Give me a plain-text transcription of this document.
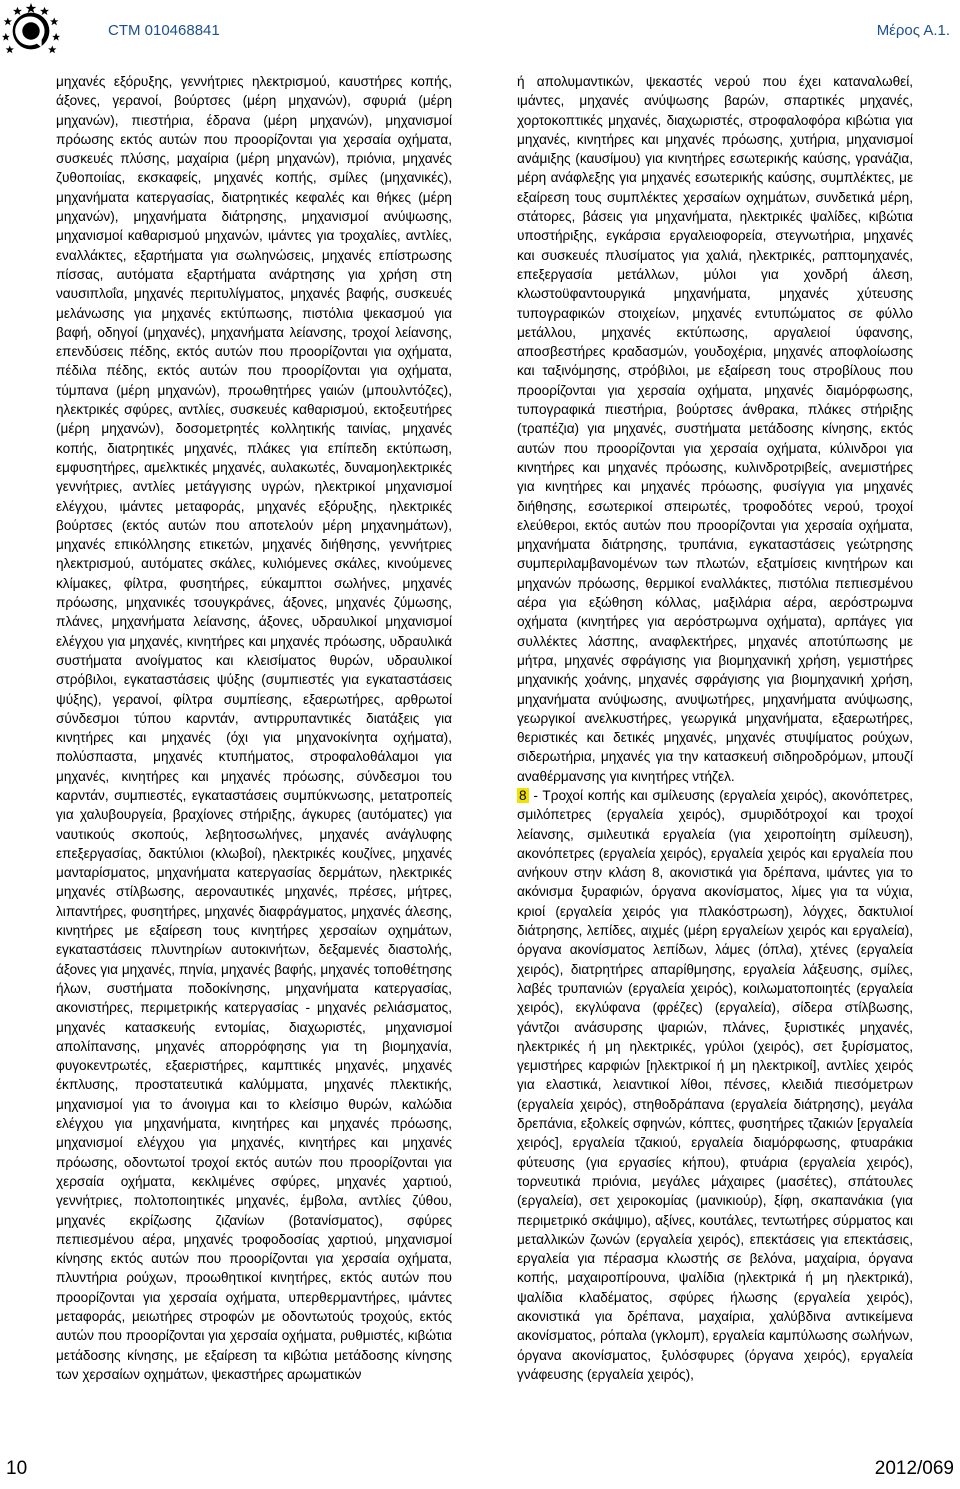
CTM 010468841	Μέρος Α.1.

μηχανές εξόρυξης, γεννήτριες ηλεκτρισμού, καυστήρες κοπής, άξονες, γερανοί, βούρτσες (μέρη μηχανών), σφυριά (μέρη μηχανών), πιεστήρια, έδρανα (μέρη μηχανών), μηχανισμοί πρόωσης εκτός αυτών που προορίζονται για χερσαία οχήματα, συσκευές πλύσης, μαχαίρια (μέρη μηχανών), πριόνια, μηχανές ζυθοποιίας, εκσκαφείς, μηχανές κοπής, σμίλες (μηχανικές), μηχανήματα κατεργασίας, διατρητικές κεφαλές και θήκες (μέρη μηχανών), μηχανήματα διάτρησης, μηχανισμοί ανύψωσης, μηχανισμοί καθαρισμού μηχανών, ιμάντες για τροχαλίες, αντλίες, εναλλάκτες, εξαρτήματα για σωληνώσεις, μηχανές επίστρωσης πίσσας, αυτόματα εξαρτήματα ανάρτησης για χρήση στη ναυσιπλοΐα, μηχανές περιτυλίγματος, μηχανές βαφής, συσκευές μελάνωσης για μηχανές εκτύπωσης, πιστόλια ψεκασμού για βαφή, οδηγοί (μηχανές), μηχανήματα λείανσης, τροχοί λείανσης, επενδύσεις πέδης, εκτός αυτών που προορίζονται για οχήματα, πέδιλα πέδης, εκτός αυτών που προορίζονται για οχήματα, τύμπανα (μέρη μηχανών), προωθητήρες γαιών (μπουλντόζες), ηλεκτρικές σφύρες, αντλίες, συσκευές καθαρισμού, εκτοξευτήρες (μέρη μηχανών), δοσομετρητές κολλητικής ταινίας, μηχανές κοπής, διατρητικές μηχανές, πλάκες για επίπεδη εκτύπωση, εμφυσητήρες, αμελκτικές μηχανές, αυλακωτές, δυναμοηλεκτρικές γεννήτριες, αντλίες μετάγγισης υγρών, ηλεκτρικοί μηχανισμοί ελέγχου, ιμάντες μεταφοράς, μηχανές εξόρυξης, ηλεκτρικές βούρτσες (εκτός αυτών που αποτελούν μέρη μηχανημάτων), μηχανές επικόλλησης ετικετών, μηχανές διήθησης, γεννήτριες ηλεκτρισμού, αυτόματες σκάλες, κυλιόμενες σκάλες, κινούμενες κλίμακες, φίλτρα, φυσητήρες, εύκαμπτοι σωλήνες, μηχανές πρόωσης, μηχανικές τσουγκράνες, άξονες, μηχανές ζύμωσης, πλάνες, μηχανήματα λείανσης, άξονες, υδραυλικοί μηχανισμοί ελέγχου για μηχανές, κινητήρες και μηχανές πρόωσης, υδραυλικά συστήματα ανοίγματος και κλεισίματος θυρών, υδραυλικοί στρόβιλοι, εγκαταστάσεις ψύξης (συμπιεστές για εγκαταστάσεις ψύξης), γερανοί, φίλτρα συμπίεσης, εξαερωτήρες, αρθρωτοί σύνδεσμοι τύπου καρντάν, αντιρρυπαντικές διατάξεις για κινητήρες και μηχανές (όχι για μηχανοκίνητα οχήματα), πολύσπαστα, μηχανές κτυπήματος, στροφαλοθάλαμοι για μηχανές, κινητήρες και μηχανές πρόωσης, σύνδεσμοι του καρντάν, συμπιεστές, εγκαταστάσεις συμπύκνωσης, μετατροπείς για χαλυβουργεία, βραχίονες στήριξης, άγκυρες (αυτόματες) για ναυτικούς σκοπούς, λεβητοσωλήνες, μηχανές ανάγλυφης επεξεργασίας, δακτύλιοι (κλωβοί), ηλεκτρικές κουζίνες, μηχανές μανταρίσματος, μηχανήματα κατεργασίας δερμάτων, ηλεκτρικές μηχανές στίλβωσης, αεροναυτικές μηχανές, πρέσες, μήτρες, λιπαντήρες, φυσητήρες, μηχανές διαφράγματος, μηχανές άλεσης, κινητήρες με εξαίρεση τους κινητήρες χερσαίων οχημάτων, εγκαταστάσεις πλυντηρίων αυτοκινήτων, δεξαμενές διαστολής, άξονες για μηχανές, πηνία, μηχανές βαφής, μηχανές τοποθέτησης ήλων, συστήματα ποδοκίνησης, μηχανήματα κατεργασίας, ακονιστήρες, περιμετρικής κατεργασίας - μηχανές ρελιάσματος, μηχανές κατασκευής εντομίας, διαχωριστές, μηχανισμοί απολίπανσης, μηχανές απορρόφησης για τη βιομηχανία, φυγοκεντρωτές, εξαεριστήρες, καμπτικές μηχανές, μηχανές έκπλυσης, προστατευτικά καλύμματα, μηχανές πλεκτικής, μηχανισμοί για το άνοιγμα και το κλείσιμο θυρών, καλώδια ελέγχου για μηχανήματα, κινητήρες και μηχανές πρόωσης, μηχανισμοί ελέγχου για μηχανές, κινητήρες και μηχανές πρόωσης, οδοντωτοί τροχοί εκτός αυτών που προορίζονται για χερσαία οχήματα, κεκλιμένες σφύρες, μηχανές χαρτιού, γεννήτριες, πολτοποιητικές μηχανές, έμβολα, αντλίες ζύθου, μηχανές εκρίζωσης ζιζανίων (βοτανίσματος), σφύρες πεπιεσμένου αέρα, μηχανές τροφοδοσίας χαρτιού, μηχανισμοί κίνησης εκτός αυτών που προορίζονται για χερσαία οχήματα, πλυντήρια ρούχων, προωθητικοί κινητήρες, εκτός αυτών που προορίζονται για χερσαία οχήματα, υπερθερμαντήρες, ιμάντες μεταφοράς, μειωτήρες στροφών με οδοντωτούς τροχούς, εκτός αυτών που προορίζονται για χερσαία οχήματα, ρυθμιστές, κιβώτια μετάδοσης κίνησης, με εξαίρεση τα κιβώτια μετάδοσης κίνησης των χερσαίων οχημάτων, ψεκαστήρες αρωματικών

ή απολυμαντικών, ψεκαστές νερού που έχει καταναλωθεί, ιμάντες, μηχανές ανύψωσης βαρών, σπαρτικές μηχανές, χορτοκοπτικές μηχανές, διαχωριστές, στροφαλοφόρα κιβώτια για μηχανές, κινητήρες και μηχανές πρόωσης, χυτήρια, μηχανισμοί ανάμιξης (καυσίμου) για κινητήρες εσωτερικής καύσης, γρανάζια, μέρη ανάφλεξης για μηχανές εσωτερικής καύσης, συμπλέκτες, με εξαίρεση τους συμπλέκτες χερσαίων οχημάτων, συνδετικά μέρη, στάτορες, βάσεις για μηχανήματα, ηλεκτρικές ψαλίδες, κιβώτια υποστήριξης, εγκάρσια εργαλειοφορεία, στεγνωτήρια, μηχανές και συσκευές πλυσίματος για χαλιά, ηλεκτρικές, ραπτομηχανές, επεξεργασία μετάλλων, μύλοι για χονδρή άλεση, κλωστοϋφαντουργικά μηχανήματα, μηχανές χύτευσης τυπογραφικών στοιχείων, μηχανές εντυπώματος σε φύλλο μετάλλου, μηχανές εκτύπωσης, αργαλειοί ύφανσης, αποσβεστήρες κραδασμών, γουδοχέρια, μηχανές αποφλοίωσης και ταξινόμησης, στρόβιλοι, με εξαίρεση τους στροβίλους που προορίζονται για χερσαία οχήματα, μηχανές διαμόρφωσης, τυπογραφικά πιεστήρια, βούρτσες άνθρακα, πλάκες στήριξης (τραπέζια) για μηχανές, συστήματα μετάδοσης κίνησης, εκτός αυτών που προορίζονται για χερσαία οχήματα, κύλινδροι για κινητήρες και μηχανές πρόωσης, κυλινδροτριβείς, ανεμιστήρες για κινητήρες και μηχανές πρόωσης, φυσίγγια για μηχανές διήθησης, εσωτερικοί σπειρωτές, τροφοδότες νερού, τροχοί ελεύθεροι, εκτός αυτών που προορίζονται για χερσαία οχήματα, μηχανήματα διάτρησης, τρυπάνια, εγκαταστάσεις γεώτρησης συμπεριλαμβανομένων των πλωτών, εξατμίσεις κινητήρων και μηχανών πρόωσης, θερμικοί εναλλάκτες, πιστόλια πεπιεσμένου αέρα για εξώθηση κόλλας, μαξιλάρια αέρα, αερόστρωμνα οχήματα (κινητήρες για αερόστρωμνα οχήματα), αρπάγες για συλλέκτες λάσπης, αναφλεκτήρες, μηχανές αποτύπωσης με μήτρα, μηχανές σφράγισης για βιομηχανική χρήση, γεμιστήρες μηχανικής χοάνης, μηχανές σφράγισης για βιομηχανική χρήση, μηχανήματα ανύψωσης, ανυψωτήρες, μηχανήματα ανύψωσης, γεωργικοί ανελκυστήρες, γεωργικά μηχανήματα, εξαερωτήρες, θεριστικές και δετικές μηχανές, μηχανές στυψίματος ρούχων, σιδερωτήρια, μηχανές για την κατασκευή σιδηροδρόμων, μπουζί αναθέρμανσης για κινητήρες ντήζελ.

8 - Τροχοί κοπής και σμίλευσης (εργαλεία χειρός), ακονόπετρες, σμιλόπετρες (εργαλεία χειρός), σμυριδότροχοί και τροχοί λείανσης, σμιλευτικά εργαλεία (για χειροποίητη σμίλευση), ακονόπετρες (εργαλεία χειρός), εργαλεία χειρός και εργαλεία που ανήκουν στην κλάση 8, ακονιστικά για δρέπανα, ιμάντες για το ακόνισμα ξυραφιών, όργανα ακονίσματος, λίμες για τα νύχια, κριοί (εργαλεία χειρός για πλακόστρωση), λόγχες, δακτυλιοί διάτρησης, λεπίδες, αιχμές (μέρη εργαλείων χειρός και εργαλεία), όργανα ακονίσματος λεπίδων, λάμες (όπλα), χτένες (εργαλεία χειρός), διατρητήρες απαρίθμησης, εργαλεία λάξευσης, σμίλες, λαβές τρυπανιών (εργαλεία χειρός), κοιλωματοποιητές (εργαλεία χειρός), εκγλύφανα (φρέζες) (εργαλεία), σίδερα στίλβωσης, γάντζοι ανάσυρσης ψαριών, πλάνες, ξυριστικές μηχανές, ηλεκτρικές ή μη ηλεκτρικές, γρύλοι (χειρός), σετ ξυρίσματος, γεμιστήρες καρφιών [ηλεκτρικοί ή μη ηλεκτρικοί], αντλίες χειρός για ελαστικά, λειαντικοί λίθοι, πένσες, κλειδιά πιεσόμετρων (εργαλεία χειρός), στηθοδράπανα (εργαλεία διάτρησης), μεγάλα δρεπάνια, εξολκείς σφηνών, κόπτες, φυσητήρες τζακιών [εργαλεία χειρός], εργαλεία τζακιού, εργαλεία διαμόρφωσης, φτυαράκια φύτευσης (για εργασίες κήπου), φτυάρια (εργαλεία χειρός), τορνευτικά πριόνια, μεγάλες μάχαιρες (μασέτες), σπάτουλες (εργαλεία), σετ χειροκομίας (μανικιούρ), ξίφη, σκαπανάκια (για περιμετρικό σκάψιμο), αξίνες, κουτάλες, τεντωτήρες σύρματος και μεταλλικών ζωνών (εργαλεία χειρός), επεκτάσεις για επεκτάσεις, εργαλεία για πέρασμα κλωστής σε βελόνα, μαχαίρια, όργανα κοπής, μαχαιροπίρουνα, ψαλίδια (ηλεκτρικά ή μη ηλεκτρικά), ψαλίδια κλαδέματος, σφύρες ήλωσης (εργαλεία χειρός), ακονιστικά για δρέπανα, μαχαίρια, χαλύβδινα αντικείμενα ακονίσματος, ρόπαλα (γκλομπ), εργαλεία καμπύλωσης σωλήνων, όργανα ακονίσματος, ξυλόσφυρες (όργανα χειρός), εργαλεία γνάφευσης (εργαλεία χειρός),

10	2012/069
